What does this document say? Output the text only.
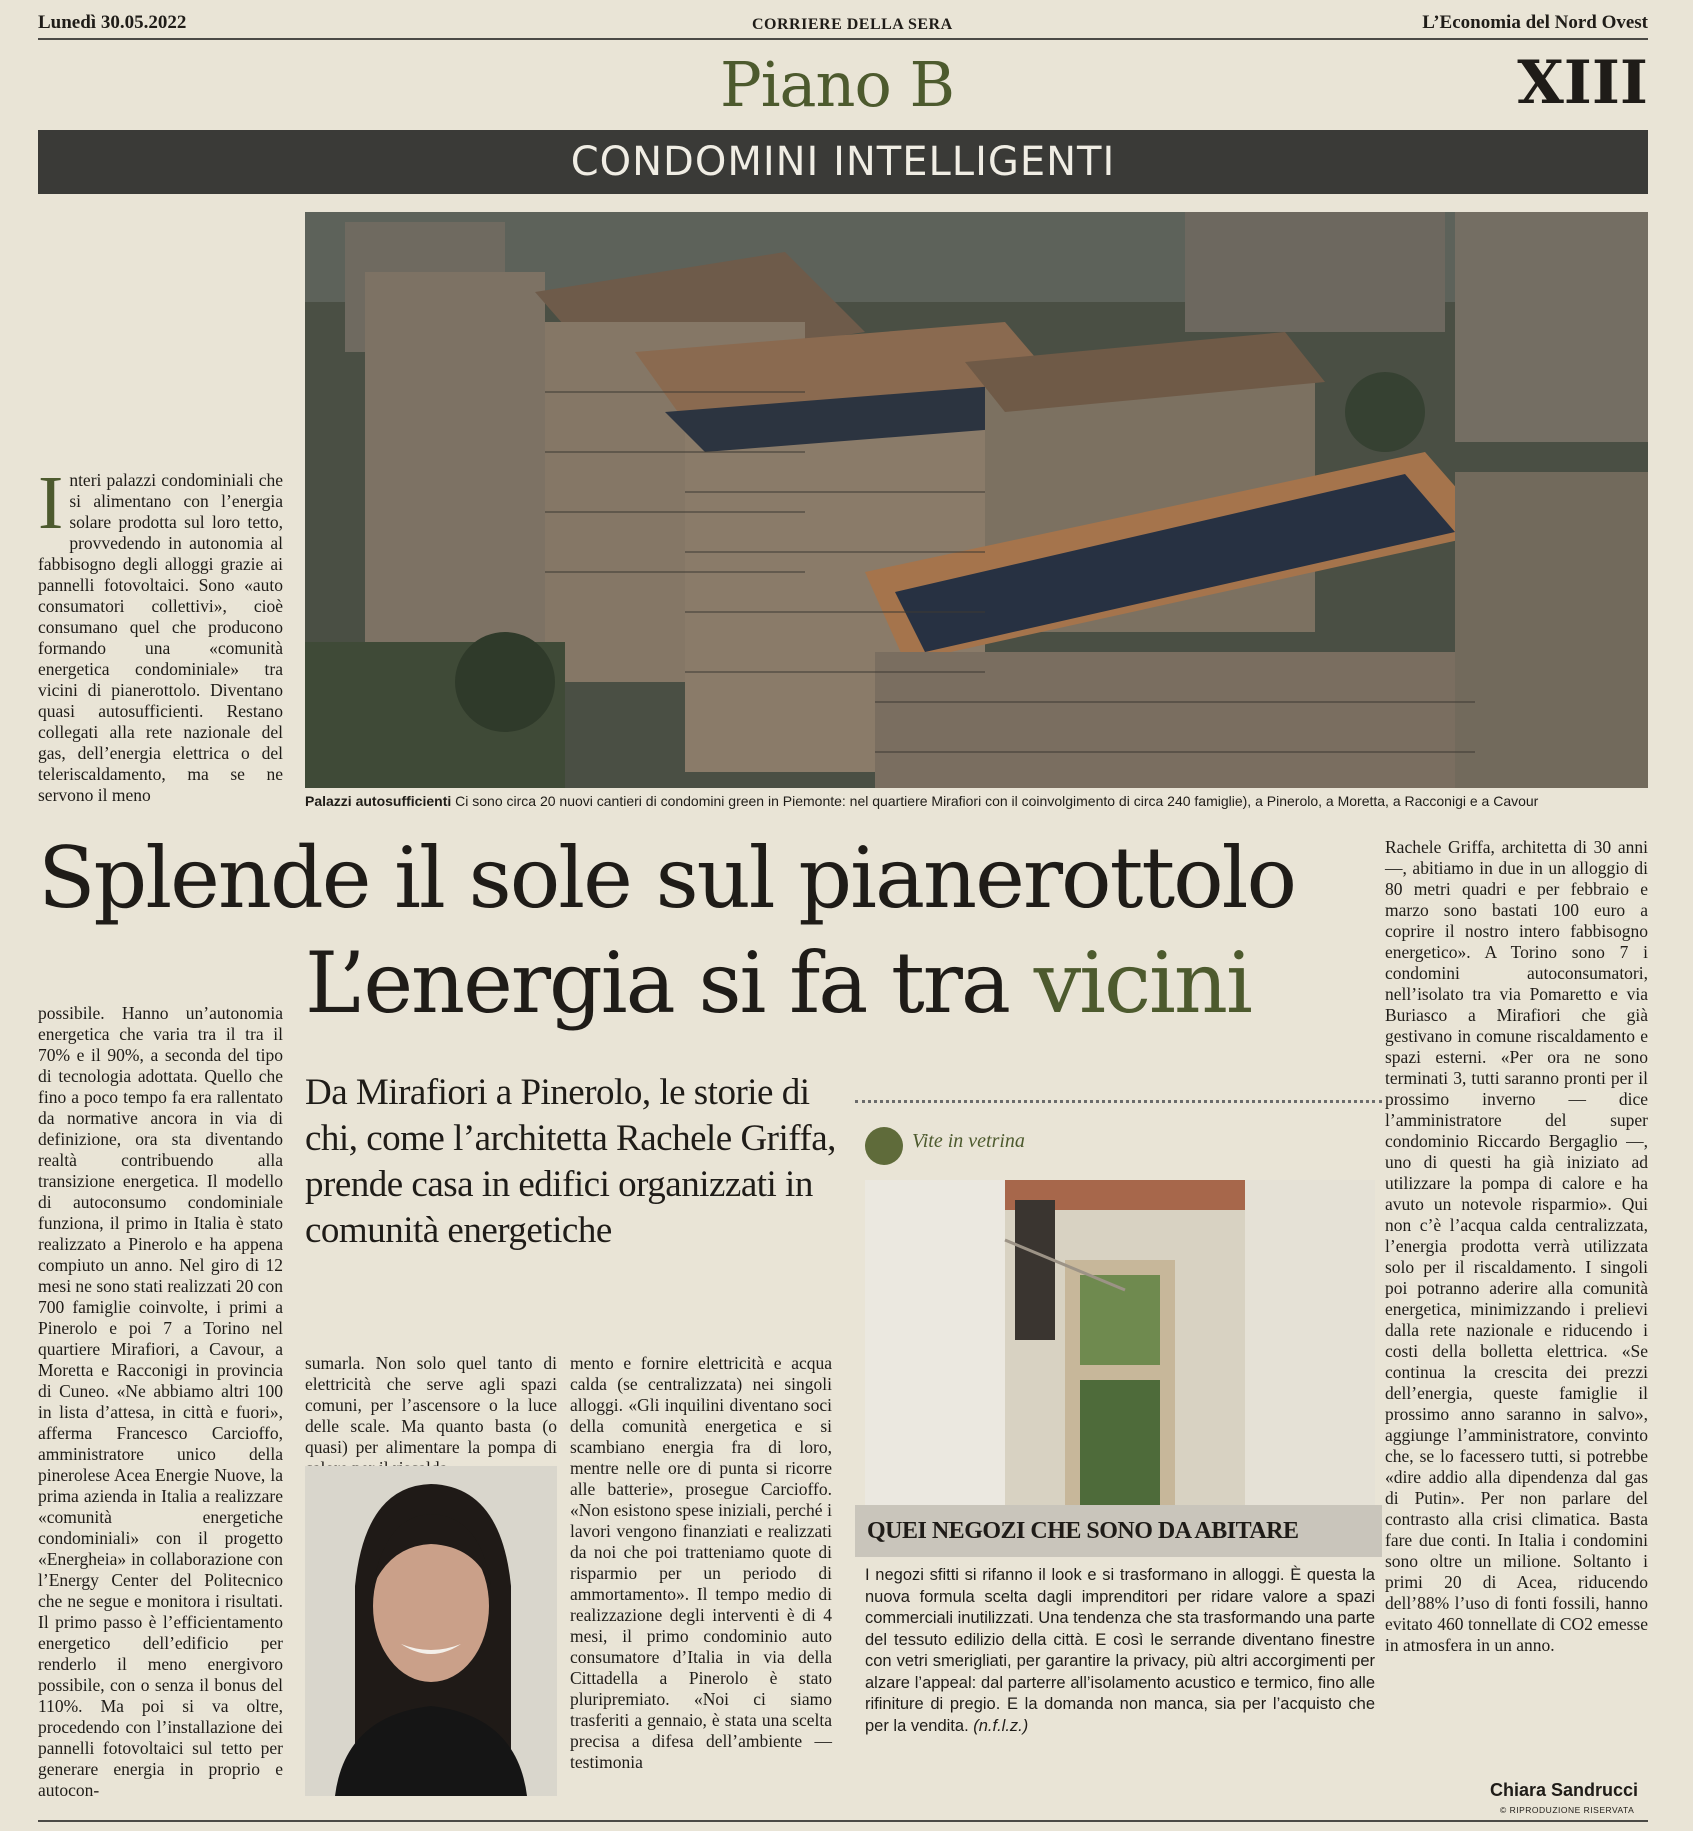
Lunedì 30.05.2022	CORRIERE DELLA SERA	L’Economia del Nord Ovest
Piano B	XIII
CONDOMINI INTELLIGENTI
Palazzi autosufficienti Ci sono circa 20 nuovi cantieri di condomini green in Piemonte: nel quartiere Mirafiori con il coinvolgimento di circa 240 famiglie), a Pinerolo, a Moretta, a Racconigi e a Cavour
Interi palazzi condominiali che si alimentano con l’energia solare prodotta sul loro tetto, provvedendo in autonomia al fabbisogno degli alloggi grazie ai pannelli fotovoltaici. Sono «auto consumatori collettivi», cioè consumano quel che producono formando una «comunità energetica condominiale» tra vicini di pianerottolo. Diventano quasi autosufficienti. Restano collegati alla rete nazionale del gas, dell’energia elettrica o del teleriscaldamento, ma se ne servono il meno
Splende il sole sul pianerottolo
L’energia si fa tra vicini
Da Mirafiori a Pinerolo, le storie di chi, come l’architetta Rachele Griffa, prende casa in edifici organizzati in comunità energetiche
possibile. Hanno un’autonomia energetica che varia tra il tra il 70% e il 90%, a seconda del tipo di tecnologia adottata. Quello che fino a poco tempo fa era rallentato da normative ancora in via di definizione, ora sta diventando realtà contribuendo alla transizione energetica. Il modello di autoconsumo condominiale funziona, il primo in Italia è stato realizzato a Pinerolo e ha appena compiuto un anno. Nel giro di 12 mesi ne sono stati realizzati 20 con 700 famiglie coinvolte, i primi a Pinerolo e poi 7 a Torino nel quartiere Mirafiori, a Cavour, a Moretta e Racconigi in provincia di Cuneo. «Ne abbiamo altri 100 in lista d’attesa, in città e fuori», afferma Francesco Carcioffo, amministratore unico della pinerolese Acea Energie Nuove, la prima azienda in Italia a realizzare «comunità energetiche condominiali» con il progetto «Energheia» in collaborazione con l’Energy Center del Politecnico che ne segue e monitora i risultati. Il primo passo è l’efficientamento energetico dell’edificio per renderlo il meno energivoro possibile, con o senza il bonus del 110%. Ma poi si va oltre, procedendo con l’installazione dei pannelli fotovoltaici sul tetto per generare energia in proprio e autocon-
sumarla. Non solo quel tanto di elettricità che serve agli spazi comuni, per l’ascensore o la luce delle scale. Ma quanto basta (o quasi) per alimentare la pompa di
mento e fornire elettricità e acqua calda (se centralizzata) nei singoli alloggi. «Gli inquilini diventano soci della comunità energetica e si scambiano energia fra di loro, mentre nelle ore di punta si ricorre alle batterie», prosegue Carcioffo. «Non esistono spese iniziali, perché i lavori vengono finanziati e realizzati da noi che poi tratteniamo quote di risparmio per un periodo di ammortamento». Il tempo medio di realizzazione degli interventi è di 4 mesi, il primo condominio auto consumatore d’Italia in via della Cittadella a Pinerolo è stato pluripremiato. «Noi ci siamo trasferiti a gennaio, è stata una scelta precisa a difesa dell’ambiente — testimonia
Rachele Griffa, architetta di 30 anni —, abitiamo in due in un alloggio di 80 metri quadri e per febbraio e marzo sono bastati 100 euro a coprire il nostro intero fabbisogno energetico». A Torino sono 7 i condomini autoconsumatori, nell’isolato tra via Pomaretto e via Buriasco a Mirafiori che già gestivano in comune riscaldamento e spazi esterni. «Per ora ne sono terminati 3, tutti saranno pronti per il prossimo inverno — dice l’amministratore del super condominio Riccardo Bergaglio —, uno di questi ha già iniziato ad utilizzare la pompa di calore e ha avuto un notevole risparmio». Qui non c’è l’acqua calda centralizzata, l’energia prodotta verrà utilizzata solo per il riscaldamento. I singoli poi potranno aderire alla comunità energetica, minimizzando i prelievi dalla rete nazionale e riducendo i costi della bolletta elettrica. «Se continua la crescita dei prezzi dell’energia, queste famiglie il prossimo anno saranno in salvo», aggiunge l’amministratore, convinto che, se lo facessero tutti, si potrebbe «dire addio alla dipendenza dal gas di Putin». Per non parlare del contrasto alla crisi climatica. Basta fare due conti. In Italia i condomini sono oltre un milione. Soltanto i primi 20 di Acea, riducendo dell’88% l’uso di fonti fossili, hanno evitato 460 tonnellate di CO2 emesse in atmosfera in un anno.
Vite in vetrina
QUEI NEGOZI CHE SONO DA ABITARE
I negozi sfitti si rifanno il look e si trasformano in alloggi. È questa la nuova formula scelta dagli imprenditori per ridare valore a spazi commerciali inutilizzati. Una tendenza che sta trasformando una parte del tessuto edilizio della città. E così le serrande diventano finestre con vetri smerigliati, per garantire la privacy, più altri accorgimenti per alzare l’appeal: dal parterre all’isolamento acustico e termico, fino alle rifiniture di pregio. E la domanda non manca, sia per l’acquisto che per la vendita. (n.f.l.z.)
Chiara Sandrucci
© RIPRODUZIONE RISERVATA
